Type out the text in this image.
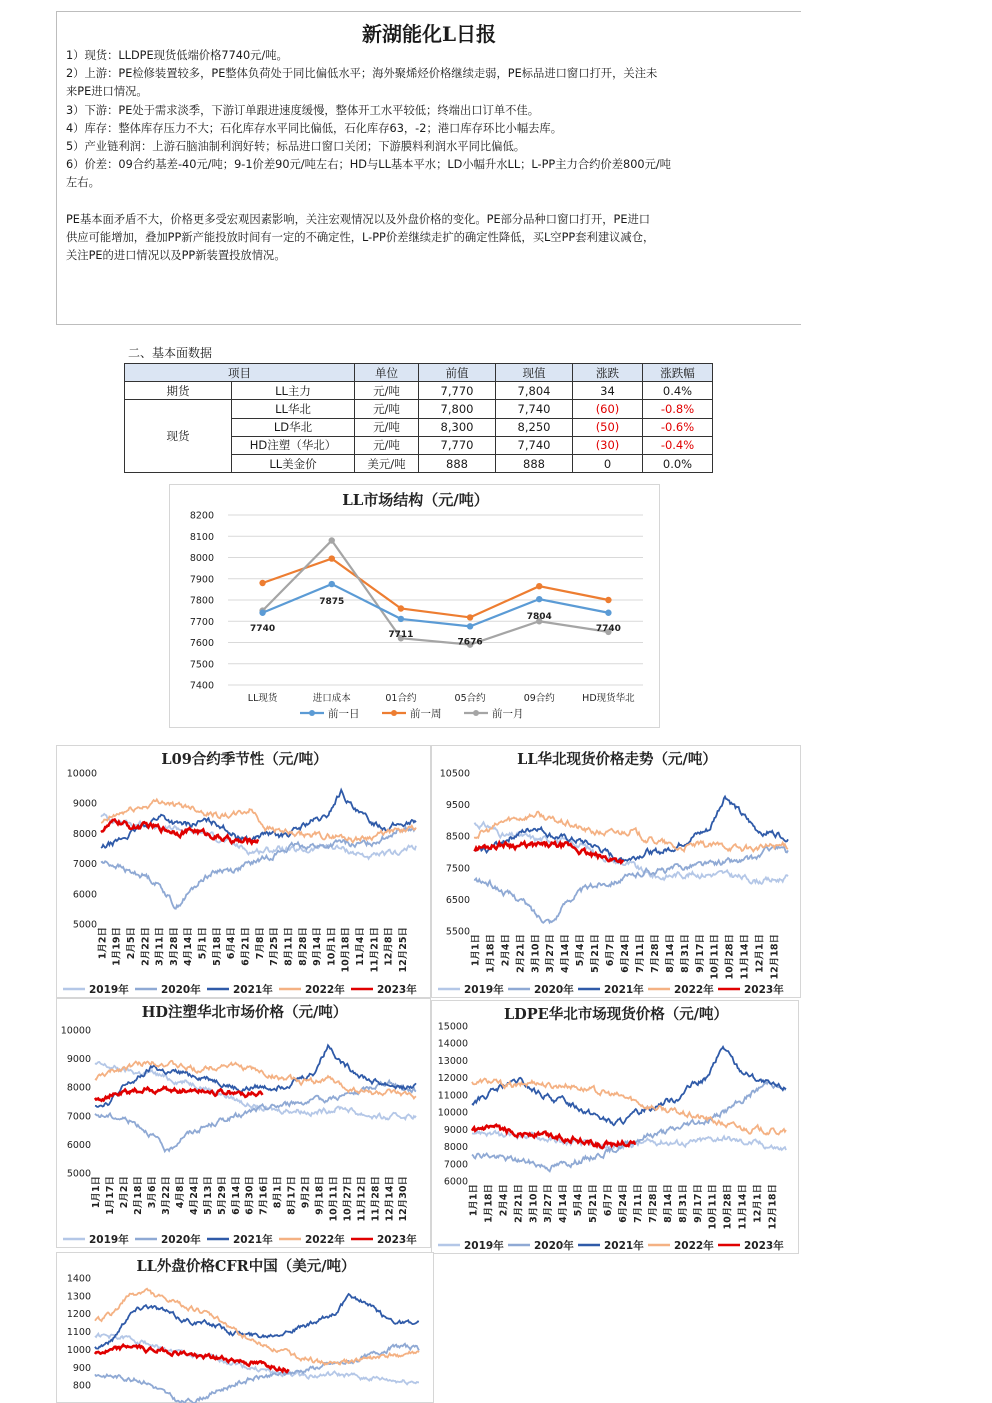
新湖能化L日报
1）现货：LLDPE现货低端价格7740元/吨。
2）上游：PE检修装置较多，PE整体负荷处于同比偏低水平；海外聚烯烃价格继续走弱，PE标品进口窗口打开，关注未
来PE进口情况。
3）下游：PE处于需求淡季，下游订单跟进速度缓慢，整体开工水平较低；终端出口订单不佳。
4）库存：整体库存压力不大；石化库存水平同比偏低，石化库存63，-2；港口库存环比小幅去库。
5）产业链利润：上游石脑油制利润好转；标品进口窗口关闭；下游膜料利润水平同比偏低。
6）价差：09合约基差-40元/吨；9-1价差90元/吨左右；HD与LL基本平水；LD小幅升水LL；L-PP主力合约价差800元/吨
左右。
PE基本面矛盾不大，价格更多受宏观因素影响，关注宏观情况以及外盘价格的变化。PE部分品种口窗口打开，PE进口
供应可能增加，叠加PP新产能投放时间有一定的不确定性，L-PP价差继续走扩的确定性降低，买L空PP套利建议减仓，
关注PE的进口情况以及PP新装置投放情况。
二、基本面数据
项目		单位	前值	现值	涨跌	涨跌幅
期货	LL主力	元/吨	7,770	7,804	34	0.4%
现货	LL华北	元/吨	7,800	7,740	(60)	-0.8%
	LD华北	元/吨	8,300	8,250	(50)	-0.6%
	HD注塑（华北）	元/吨	7,770	7,740	(30)	-0.4%
	LL美金价	美元/吨	888	888	0	0.0%
LL市场结构（元/吨）
7400
7500
7600
7700
7800
7900
8000
8100
8200
LL现货	进口成本	01合约	05合约	09合约	HD现货华北
7740
7875
7711
7676
7804
7740
前一日	前一周	前一月
L09合约季节性（元/吨）
5000
6000
7000
8000
9000
10000
1月2日 1月19日 2月5日 2月22日 3月11日 3月28日 4月14日 5月1日 5月18日 6月4日 6月21日 7月8日 7月25日 8月11日 8月28日 9月14日 10月1日 10月18日 11月4日 11月21日 12月8日 12月25日
2019年	2020年	2021年	2022年	2023年
LL华北现货价格走势（元/吨）
5500
6500
7500
8500
9500
10500
1月1日 1月18日 2月4日 2月21日 3月10日 3月27日 4月14日 5月4日 5月21日 6月7日 6月24日 7月11日 7月28日 8月14日 8月31日 9月17日 10月11日 10月28日 11月14日 12月1日 12月18日
2019年	2020年	2021年	2022年	2023年
HD注塑华北市场价格（元/吨）
5000
6000
7000
8000
9000
10000
1月1日 1月17日 2月2日 2月18日 3月6日 3月22日 4月8日 4月24日 5月13日 5月29日 6月14日 6月30日 7月16日 8月1日 8月17日 9月2日 9月18日 10月11日 10月27日 11月12日 11月28日 12月14日 12月30日
2019年	2020年	2021年	2022年	2023年
LDPE华北市场现货价格（元/吨）
6000
7000
8000
9000
10000
11000
12000
13000
14000
15000
1月1日 1月18日 2月4日 2月21日 3月10日 3月27日 4月14日 5月4日 5月21日 6月7日 6月24日 7月11日 7月28日 8月14日 8月31日 9月17日 10月11日 10月28日 11月14日 12月1日 12月18日
2019年	2020年	2021年	2022年	2023年
LL外盘价格CFR中国（美元/吨）
800
900
1000
1100
1200
1300
1400
